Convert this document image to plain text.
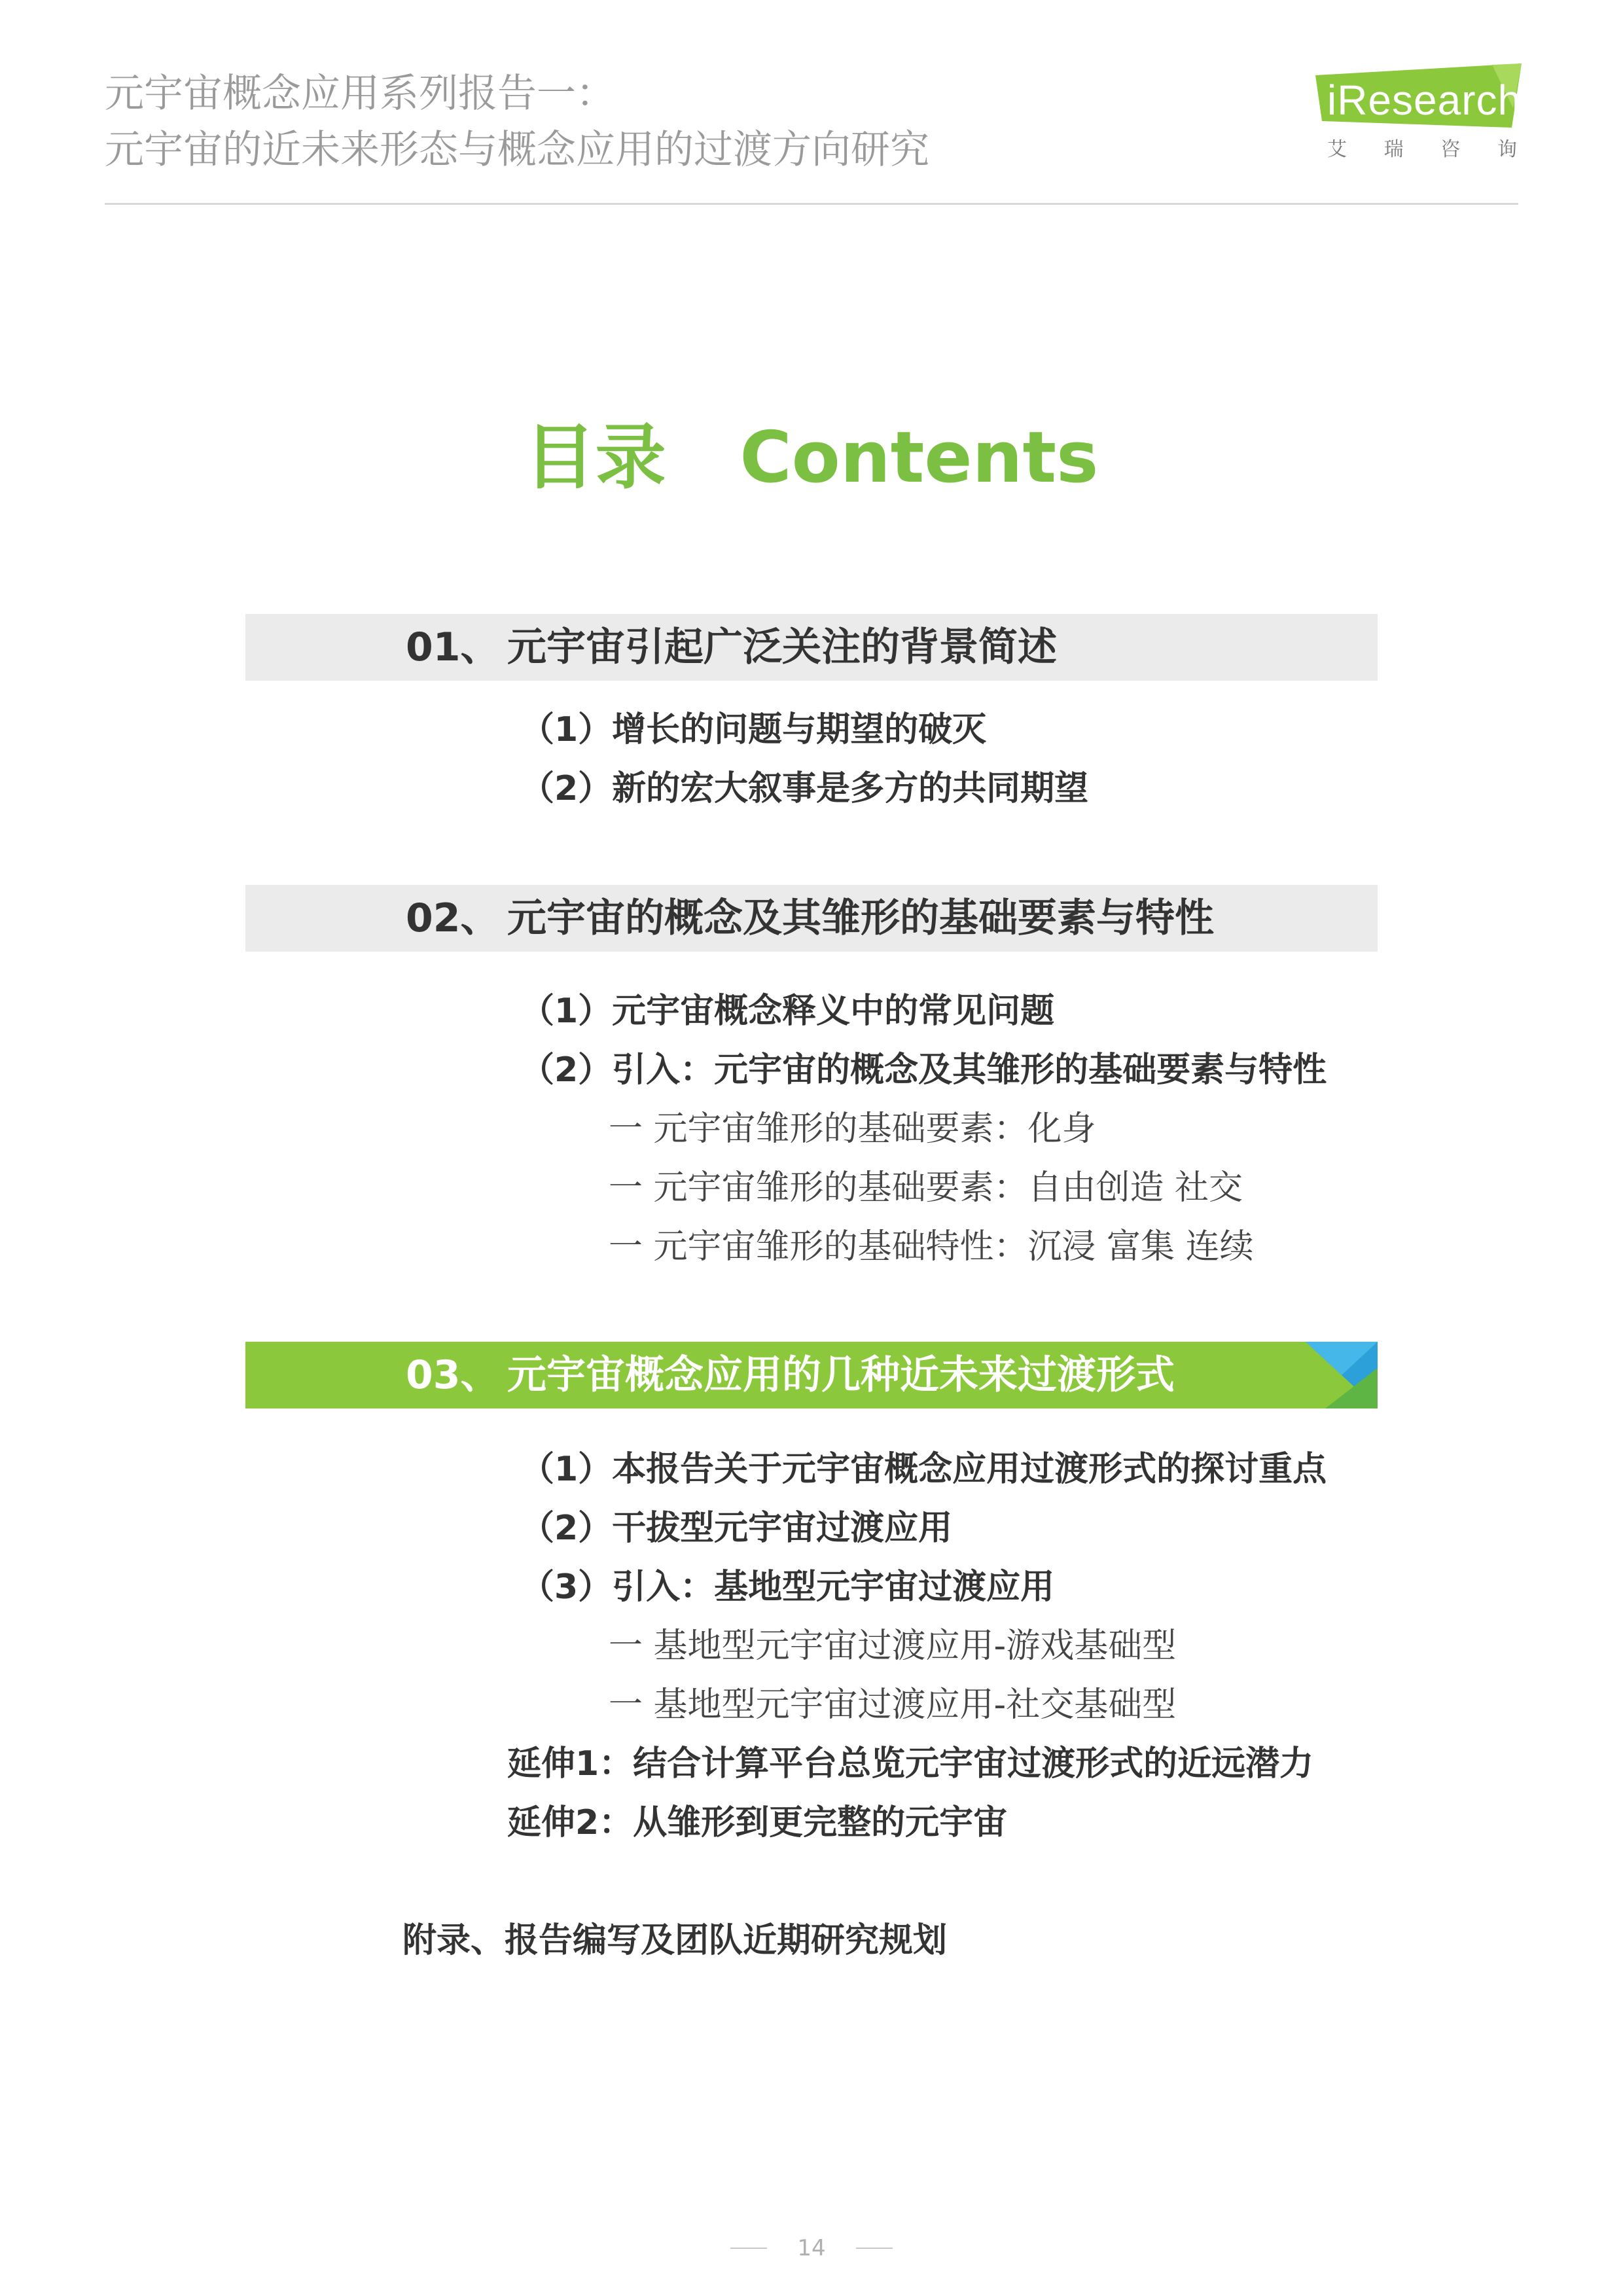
元宇宙概念应用系列报告一：
元宇宙的近未来形态与概念应用的过渡方向研究
iResearch
艾 瑞 咨 询
目录   Contents
01、 元宇宙引起广泛关注的背景简述
（1）增长的问题与期望的破灭
（2）新的宏大叙事是多方的共同期望
02、 元宇宙的概念及其雏形的基础要素与特性
（1）元宇宙概念释义中的常见问题
（2）引入：元宇宙的概念及其雏形的基础要素与特性
一 元宇宙雏形的基础要素：化身
一 元宇宙雏形的基础要素：自由创造 社交
一 元宇宙雏形的基础特性：沉浸 富集 连续
03、 元宇宙概念应用的几种近未来过渡形式
（1）本报告关于元宇宙概念应用过渡形式的探讨重点
（2）干拔型元宇宙过渡应用
（3）引入：基地型元宇宙过渡应用
一 基地型元宇宙过渡应用-游戏基础型
一 基地型元宇宙过渡应用-社交基础型
延伸1：结合计算平台总览元宇宙过渡形式的近远潜力
延伸2：从雏形到更完整的元宇宙
附录、报告编写及团队近期研究规划
14
